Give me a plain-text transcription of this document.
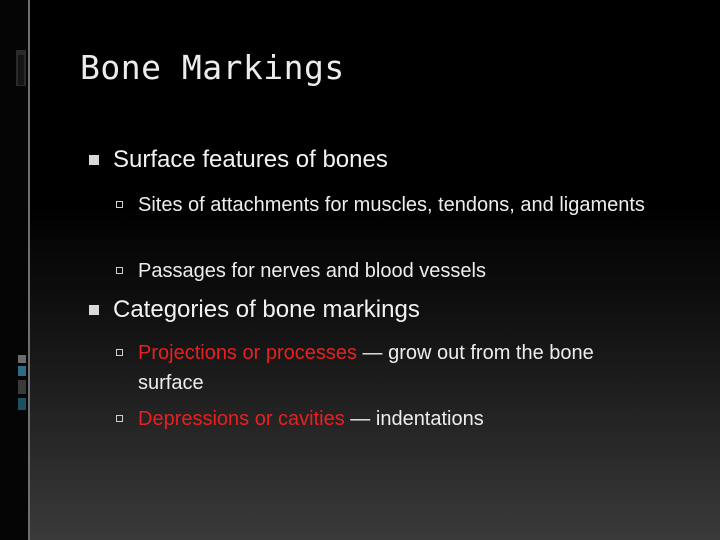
Bone Markings
Surface features of bones
Sites of attachments for muscles, tendons, and ligaments
Passages for nerves and blood vessels
Categories of bone markings
Projections or processes — grow out from the bone surface
Depressions or cavities — indentations
